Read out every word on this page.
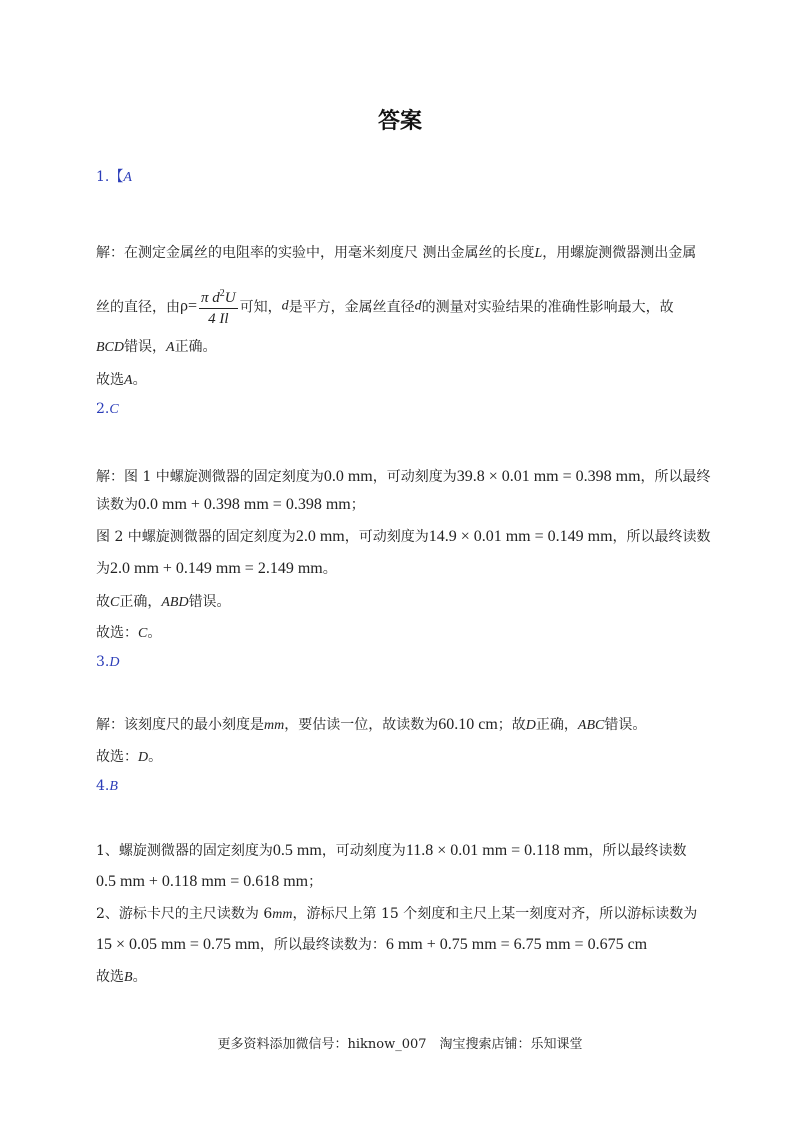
答案
1.【A
解：在测定金属丝的电阻率的实验中，用毫米刻度尺 测出金属丝的长度L，用螺旋测微器测出金属
丝的直径，由$\rho= \frac{\pi d^2U}{4 Il}$ 可知，d是平方，金属丝直径d的测量对实验结果的准确性影响最大，故
BCD错误，A正确。
故选A。
2.C
解：图 1 中螺旋测微器的固定刻度为0.0 mm，可动刻度为39.8 × 0.01 mm = 0.398 mm，所以最终
读数为0.0 mm + 0.398 mm = 0.398 mm；
图 2 中螺旋测微器的固定刻度为2.0 mm，可动刻度为14.9 × 0.01 mm = 0.149 mm，所以最终读数
为2.0 mm + 0.149 mm = 2.149 mm。
故C正确，ABD错误。
故选：C。
3.D
解：该刻度尺的最小刻度是mm，要估读一位，故读数为60.10 cm；故D正确，ABC错误。
故选：D。
4.B
1、螺旋测微器的固定刻度为0.5 mm，可动刻度为11.8 × 0.01 mm = 0.118 mm，所以最终读数
0.5 mm + 0.118 mm = 0.618 mm；
2、游标卡尺的主尺读数为 6mm，游标尺上第 15 个刻度和主尺上某一刻度对齐，所以游标读数为
15 × 0.05 mm = 0.75 mm，所以最终读数为：6 mm + 0.75 mm = 6.75 mm = 0.675 cm
故选B。
更多资料添加微信号：hiknow_007　淘宝搜索店铺：乐知课堂
